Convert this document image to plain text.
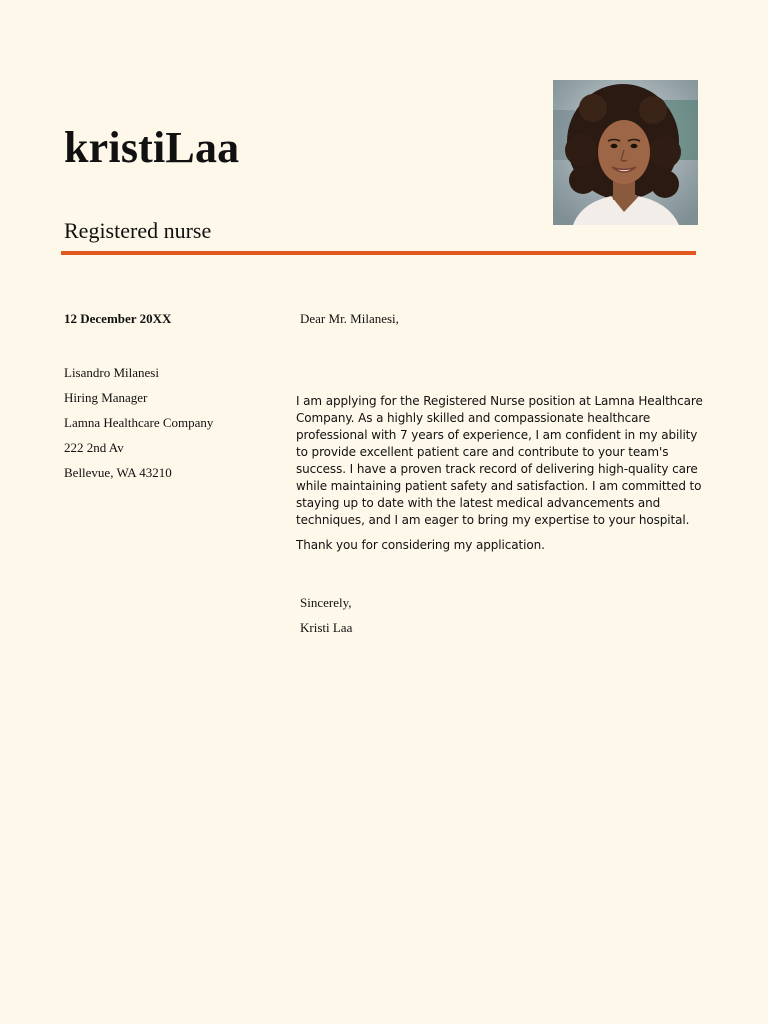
kristiLaa
Registered nurse
12 December 20XX
Lisandro Milanesi
Hiring Manager
Lamna Healthcare Company
222 2nd Av
Bellevue, WA 43210
Dear Mr. Milanesi,

I am applying for the Registered Nurse position at Lamna Healthcare Company. As a highly skilled and compassionate healthcare professional with 7 years of experience, I am confident in my ability to provide excellent patient care and contribute to your team's success. I have a proven track record of delivering high-quality care while maintaining patient safety and satisfaction. I am committed to staying up to date with the latest medical advancements and techniques, and I am eager to bring my expertise to your hospital.

Thank you for considering my application.

Sincerely,
Kristi Laa
